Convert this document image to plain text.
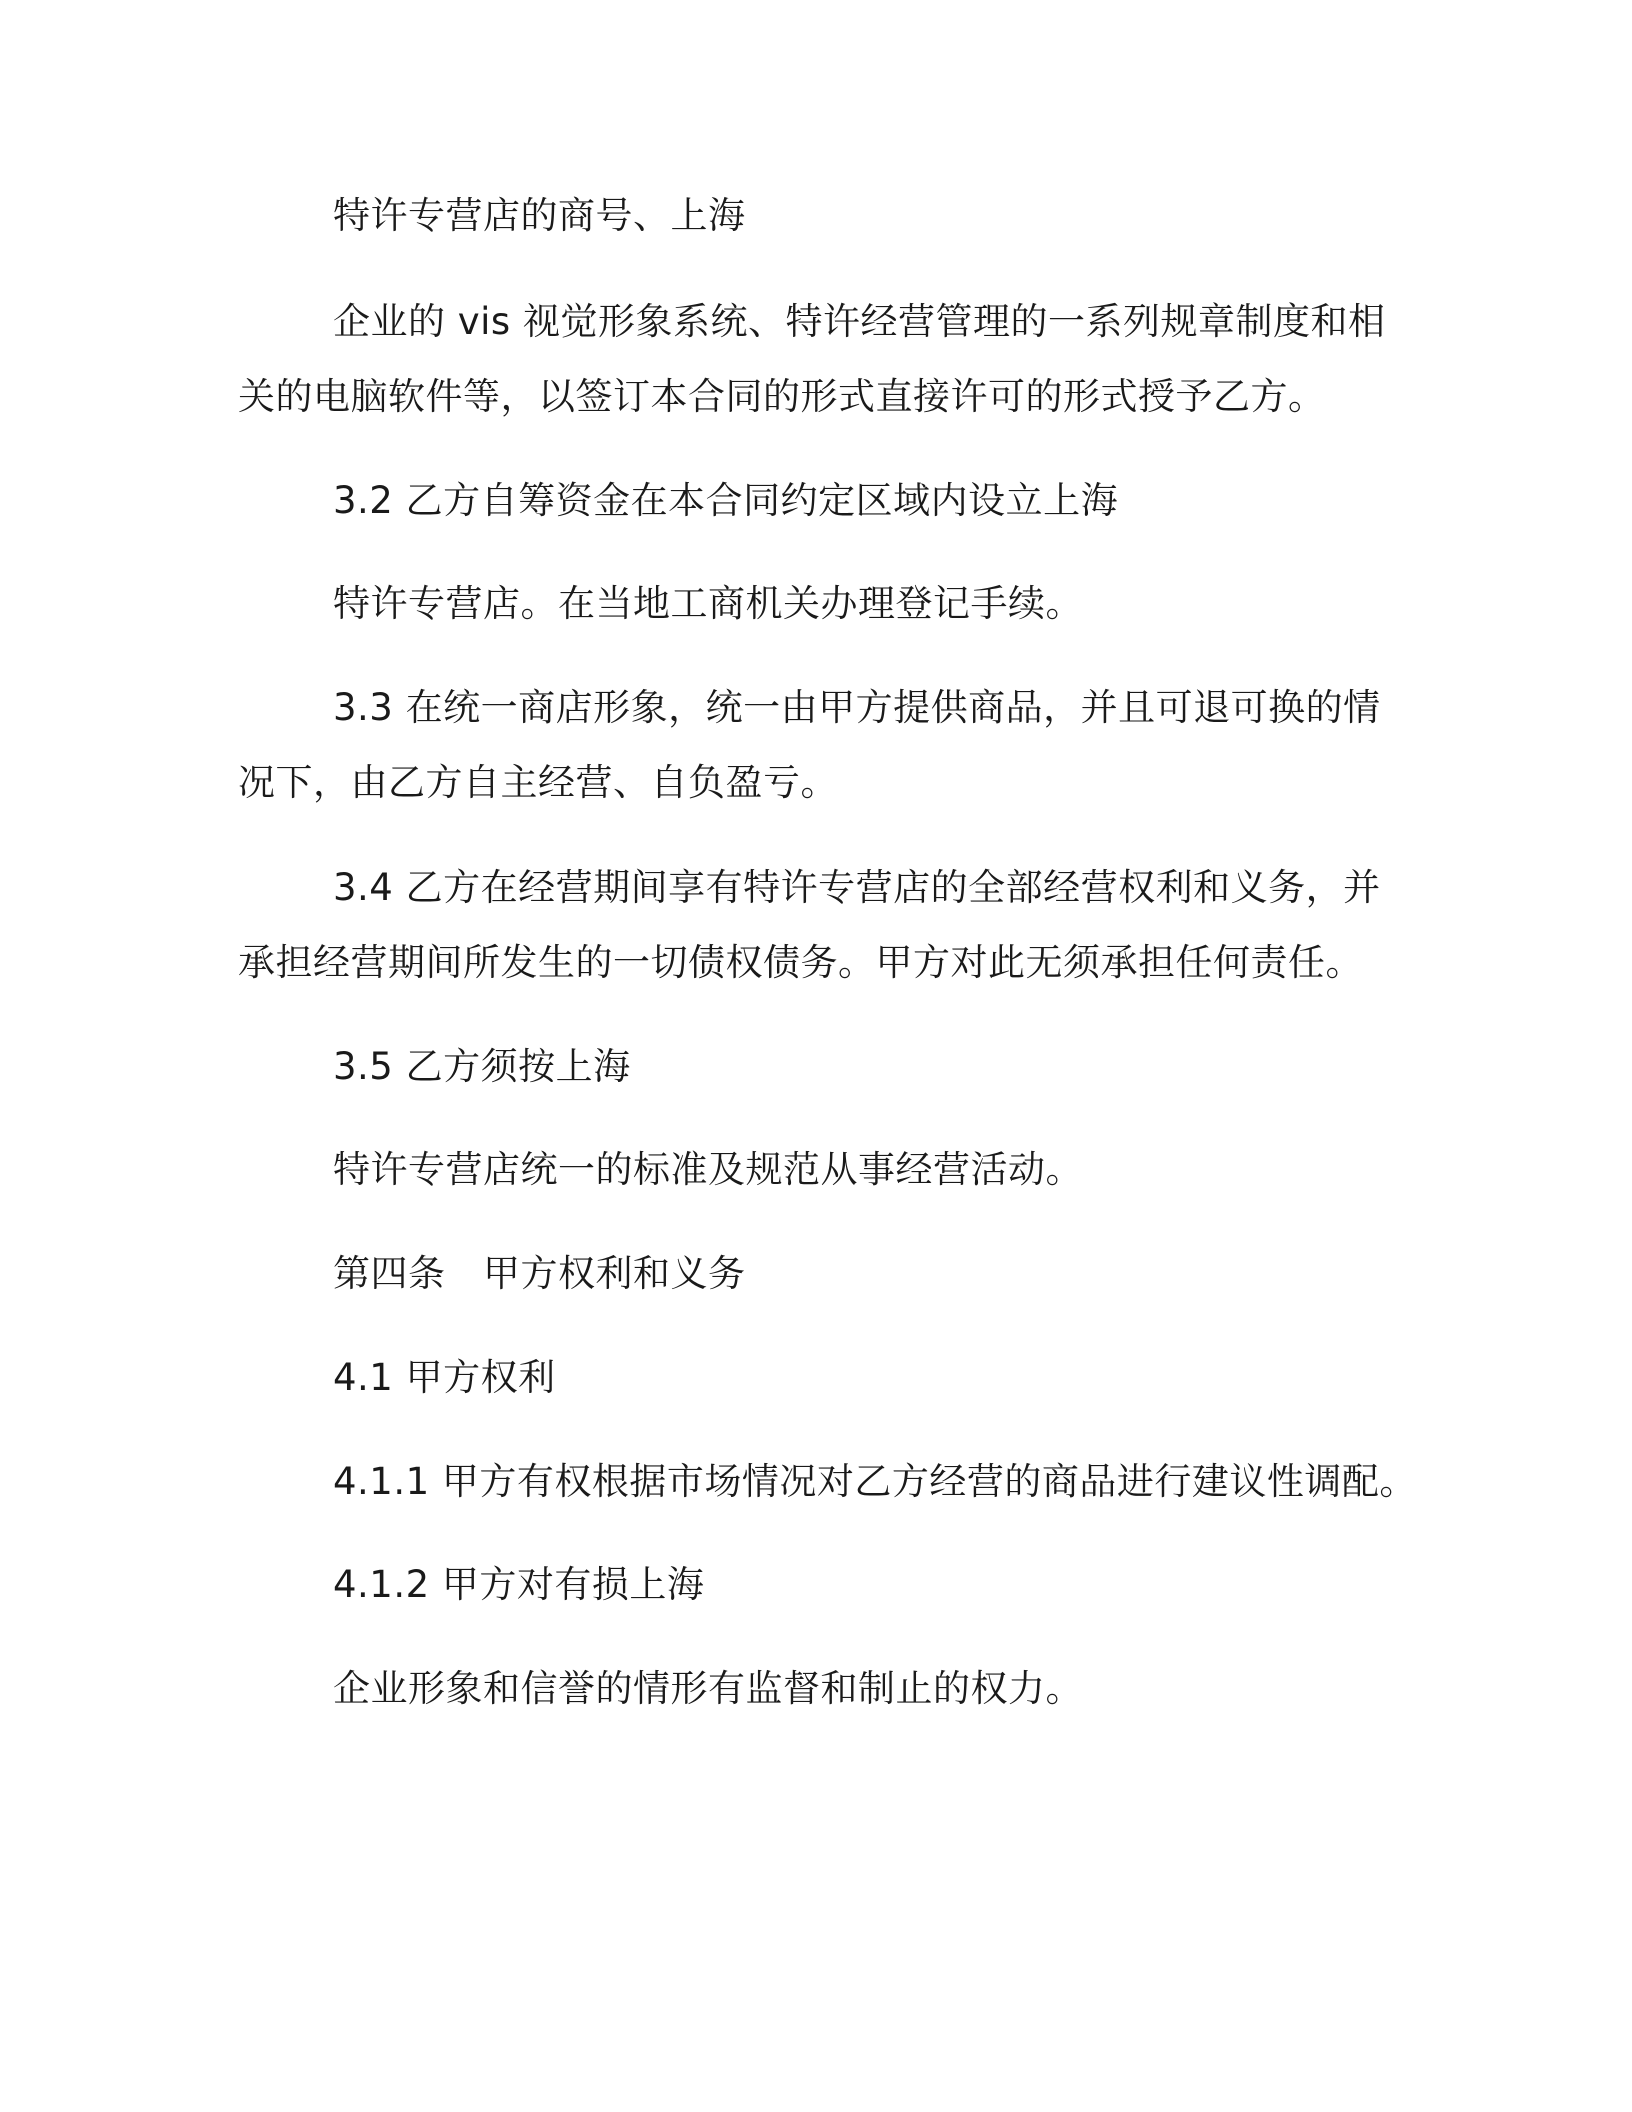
特许专营店的商号、上海
企业的 vis 视觉形象系统、特许经营管理的一系列规章制度和相
关的电脑软件等，以签订本合同的形式直接许可的形式授予乙方。
3.2 乙方自筹资金在本合同约定区域内设立上海
特许专营店。在当地工商机关办理登记手续。
3.3 在统一商店形象，统一由甲方提供商品，并且可退可换的情
况下，由乙方自主经营、自负盈亏。
3.4 乙方在经营期间享有特许专营店的全部经营权利和义务，并
承担经营期间所发生的一切债权债务。甲方对此无须承担任何责任。
3.5 乙方须按上海
特许专营店统一的标准及规范从事经营活动。
第四条　甲方权利和义务
4.1 甲方权利
4.1.1 甲方有权根据市场情况对乙方经营的商品进行建议性调配。
4.1.2 甲方对有损上海
企业形象和信誉的情形有监督和制止的权力。
